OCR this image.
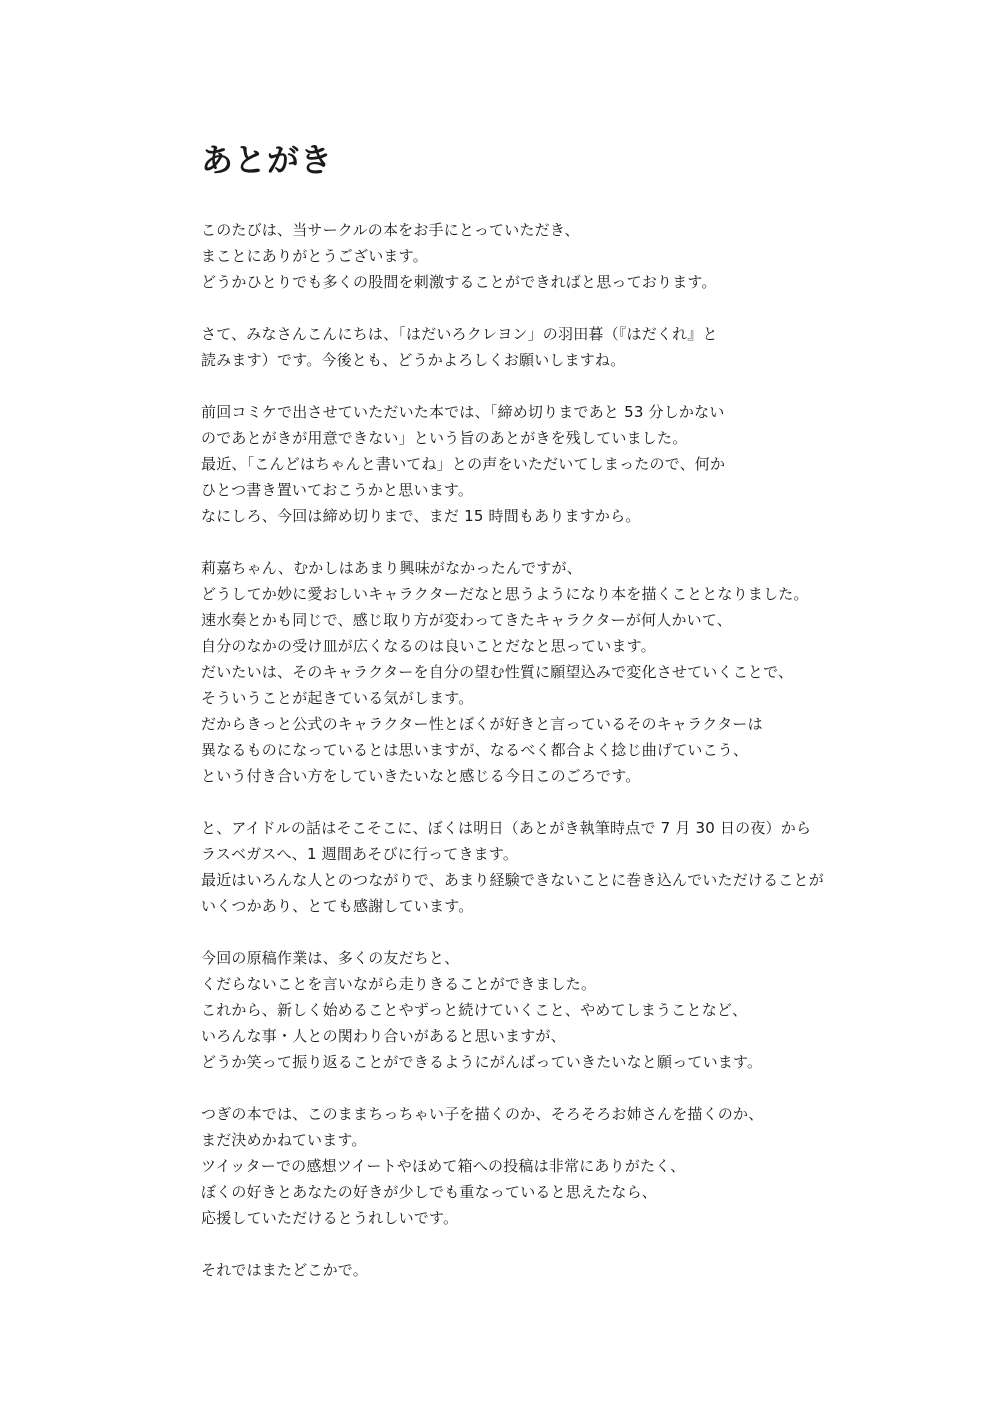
あとがき
このたびは、当サークルの本をお手にとっていただき、
まことにありがとうございます。
どうかひとりでも多くの股間を刺激することができればと思っております。
さて、みなさんこんにちは、「はだいろクレヨン」の羽田暮（『はだくれ』と
読みます）です。今後とも、どうかよろしくお願いしますね。
前回コミケで出させていただいた本では、「締め切りまであと 53 分しかない
のであとがきが用意できない」という旨のあとがきを残していました。
最近、「こんどはちゃんと書いてね」との声をいただいてしまったので、何か
ひとつ書き置いておこうかと思います。
なにしろ、今回は締め切りまで、まだ 15 時間もありますから。
莉嘉ちゃん、むかしはあまり興味がなかったんですが、
どうしてか妙に愛おしいキャラクターだなと思うようになり本を描くこととなりました。
速水奏とかも同じで、感じ取り方が変わってきたキャラクターが何人かいて、
自分のなかの受け皿が広くなるのは良いことだなと思っています。
だいたいは、そのキャラクターを自分の望む性質に願望込みで変化させていくことで、
そういうことが起きている気がします。
だからきっと公式のキャラクター性とぼくが好きと言っているそのキャラクターは
異なるものになっているとは思いますが、なるべく都合よく捻じ曲げていこう、
という付き合い方をしていきたいなと感じる今日このごろです。
と、アイドルの話はそこそこに、ぼくは明日（あとがき執筆時点で 7 月 30 日の夜）から
ラスベガスへ、1 週間あそびに行ってきます。
最近はいろんな人とのつながりで、あまり経験できないことに巻き込んでいただけることが
いくつかあり、とても感謝しています。
今回の原稿作業は、多くの友だちと、
くだらないことを言いながら走りきることができました。
これから、新しく始めることやずっと続けていくこと、やめてしまうことなど、
いろんな事・人との関わり合いがあると思いますが、
どうか笑って振り返ることができるようにがんばっていきたいなと願っています。
つぎの本では、このままちっちゃい子を描くのか、そろそろお姉さんを描くのか、
まだ決めかねています。
ツイッターでの感想ツイートやほめて箱への投稿は非常にありがたく、
ぼくの好きとあなたの好きが少しでも重なっていると思えたなら、
応援していただけるとうれしいです。
それではまたどこかで。
